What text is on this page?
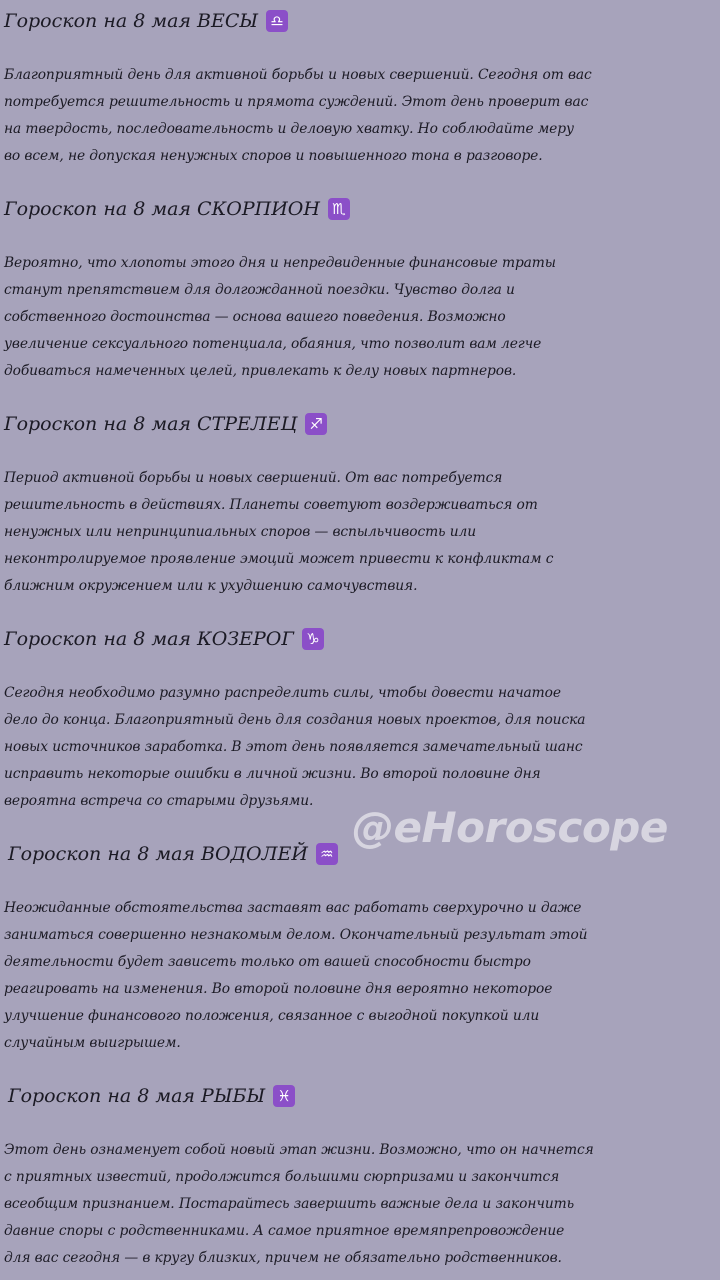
Гороскоп на 8 мая ВЕСЫ ♎
Благоприятный день для активной борьбы и новых свершений. Сегодня от вас
потребуется решительность и прямота суждений. Этот день проверит вас
на твердость, последовательность и деловую хватку. Но соблюдайте меру
во всем, не допуская ненужных споров и повышенного тона в разговоре.
Гороскоп на 8 мая СКОРПИОН ♏
Вероятно, что хлопоты этого дня и непредвиденные финансовые траты
станут препятствием для долгожданной поездки. Чувство долга и
собственного достоинства — основа вашего поведения. Возможно
увеличение сексуального потенциала, обаяния, что позволит вам легче
добиваться намеченных целей, привлекать к делу новых партнеров.
Гороскоп на 8 мая СТРЕЛЕЦ ♐
Период активной борьбы и новых свершений. От вас потребуется
решительность в действиях. Планеты советуют воздерживаться от
ненужных или непринципиальных споров — вспыльчивость или
неконтролируемое проявление эмоций может привести к конфликтам с
ближним окружением или к ухудшению самочувствия.
Гороскоп на 8 мая КОЗЕРОГ ♑
Сегодня необходимо разумно распределить силы, чтобы довести начатое
дело до конца. Благоприятный день для создания новых проектов, для поиска
новых источников заработка. В этот день появляется замечательный шанс
исправить некоторые ошибки в личной жизни. Во второй половине дня
вероятна встреча со старыми друзьями.
Гороскоп на 8 мая ВОДОЛЕЙ ♒
Неожиданные обстоятельства заставят вас работать сверхурочно и даже
заниматься совершенно незнакомым делом. Окончательный результат этой
деятельности будет зависеть только от вашей способности быстро
реагировать на изменения. Во второй половине дня вероятно некоторое
улучшение финансового положения, связанное с выгодной покупкой или
случайным выигрышем.
Гороскоп на 8 мая РЫБЫ ♓
Этот день ознаменует собой новый этап жизни. Возможно, что он начнется
с приятных известий, продолжится большими сюрпризами и закончится
всеобщим признанием. Постарайтесь завершить важные дела и закончить
давние споры с родственниками. А самое приятное времяпрепровождение
для вас сегодня — в кругу близких, причем не обязательно родственников.
@eHoroscope
